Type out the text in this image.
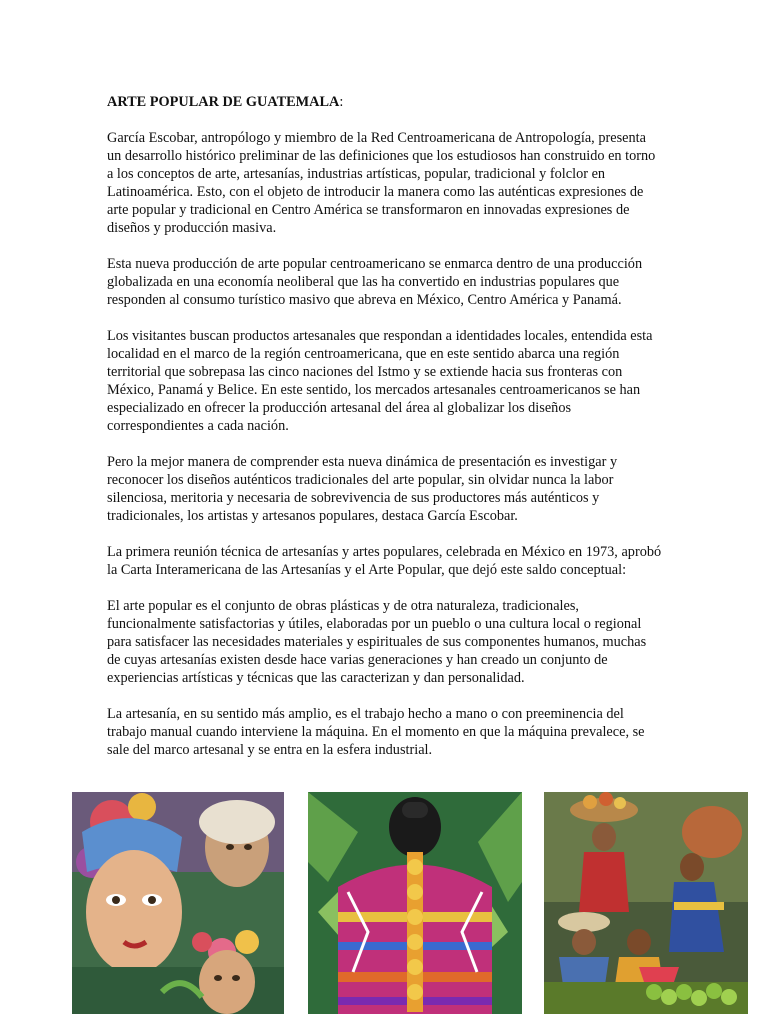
ARTE POPULAR DE GUATEMALA:

García Escobar, antropólogo y miembro de la Red Centroamericana de Antropología, presenta un desarrollo histórico preliminar de las definiciones que los estudiosos han construido en torno a los conceptos de arte, artesanías, industrias artísticas, popular, tradicional y folclor en Latinoamérica. Esto, con el objeto de introducir la manera como las auténticas expresiones de arte popular y tradicional en Centro América se transformaron en innovadas expresiones de diseños y producción masiva.

Esta nueva producción de arte popular centroamericano se enmarca dentro de una producción globalizada en una economía neoliberal que las ha convertido en industrias populares que responden al consumo turístico masivo que abreva en México, Centro América y Panamá.

Los visitantes buscan productos artesanales que respondan a identidades locales, entendida esta localidad en el marco de la región centroamericana, que en este sentido abarca una región territorial que sobrepasa las cinco naciones del Istmo y se extiende hacia sus fronteras con México, Panamá y Belice. En este sentido, los mercados artesanales centroamericanos se han especializado en ofrecer la producción artesanal del área al globalizar los diseños correspondientes a cada nación.

Pero la mejor manera de comprender esta nueva dinámica de presentación es investigar y reconocer los diseños auténticos tradicionales del arte popular, sin olvidar nunca la labor silenciosa, meritoria y necesaria de sobrevivencia de sus productores más auténticos y tradicionales, los artistas y artesanos populares, destaca García Escobar.

La primera reunión técnica de artesanías y artes populares, celebrada en México en 1973, aprobó la Carta Interamericana de las Artesanías y el Arte Popular, que dejó este saldo conceptual:

El arte popular es el conjunto de obras plásticas y de otra naturaleza, tradicionales, funcionalmente satisfactorias y útiles, elaboradas por un pueblo o una cultura local o regional para satisfacer las necesidades materiales y espirituales de sus componentes humanos, muchas de cuyas artesanías existen desde hace varias generaciones y han creado un conjunto de experiencias artísticas y técnicas que las caracterizan y dan personalidad.

La artesanía, en su sentido más amplio, es el trabajo hecho a mano o con preeminencia del trabajo manual cuando interviene la máquina. En el momento en que la máquina prevalece, se sale del marco artesanal y se entra en la esfera industrial.
